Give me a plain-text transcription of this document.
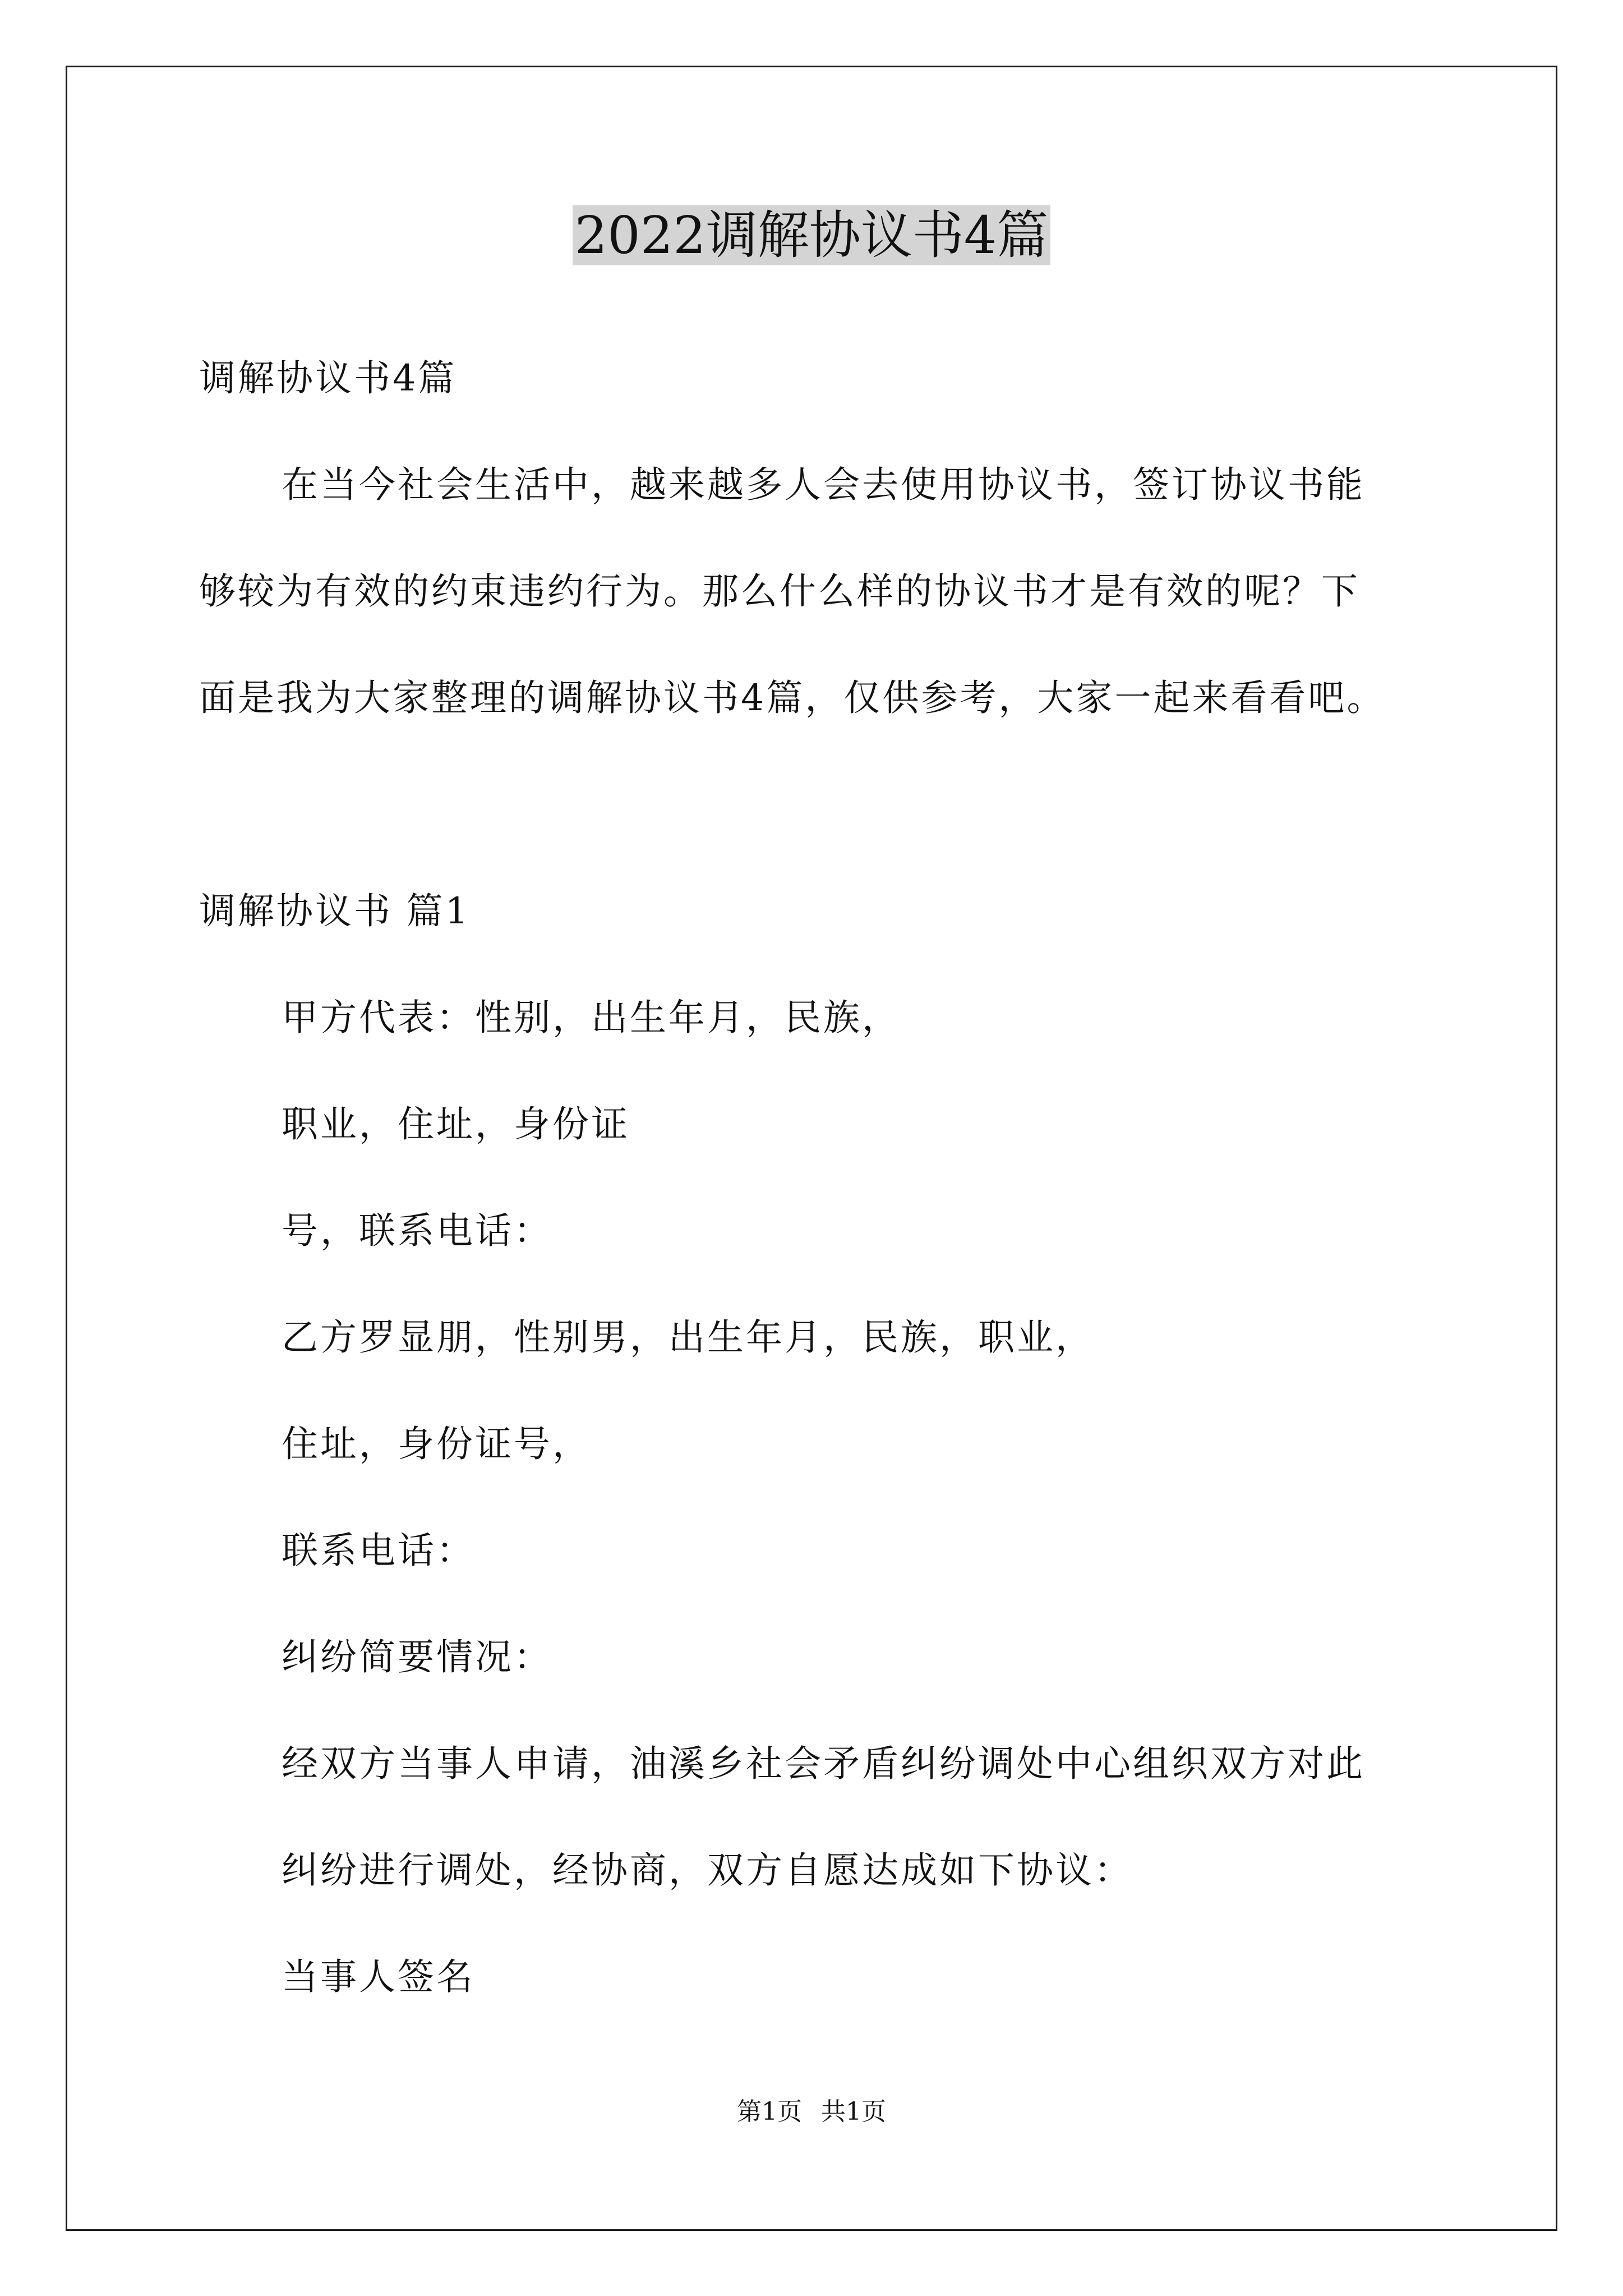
2022调解协议书4篇
调解协议书4篇
在当今社会生活中，越来越多人会去使用协议书，签订协议书能
够较为有效的约束违约行为。那么什么样的协议书才是有效的呢？下
面是我为大家整理的调解协议书4篇，仅供参考，大家一起来看看吧。
调解协议书 篇1
甲方代表：性别，出生年月，民族，
职业，住址，身份证
号，联系电话：
乙方罗显朋，性别男，出生年月，民族，职业，
住址，身份证号，
联系电话：
纠纷简要情况：
经双方当事人申请，油溪乡社会矛盾纠纷调处中心组织双方对此
纠纷进行调处，经协商，双方自愿达成如下协议：
当事人签名
第1页 共1页
